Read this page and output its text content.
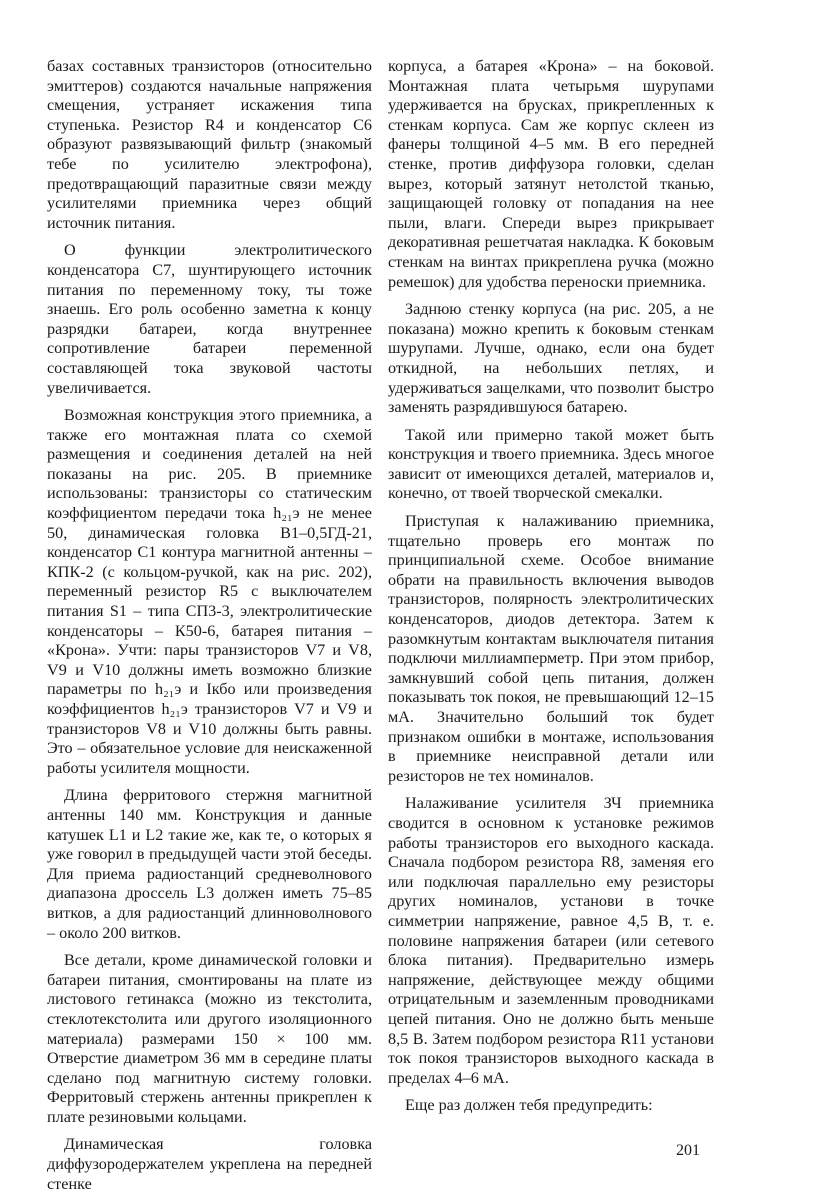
базах составных транзисторов (относительно эмиттеров) создаются начальные напряжения смещения, устраняет искажения типа ступенька. Резистор R4 и конденсатор C6 образуют развязывающий фильтр (знакомый тебе по усилителю электрофона), предотвращающий паразитные связи между усилителями приемника через общий источник питания.

О функции электролитического конденсатора C7, шунтирующего источник питания по переменному току, ты тоже знаешь. Его роль особенно заметна к концу разрядки батареи, когда внутреннее сопротивление батареи переменной составляющей тока звуковой частоты увеличивается.

Возможная конструкция этого приемника, а также его монтажная плата со схемой размещения и соединения деталей на ней показаны на рис. 205. В приемнике использованы: транзисторы со статическим коэффициентом передачи тока h₂₁э не менее 50, динамическая головка B1–0,5ГД-21, конденсатор C1 контура магнитной антенны – КПК-2 (с кольцом-ручкой, как на рис. 202), переменный резистор R5 с выключателем питания S1 – типа СП3-3, электролитические конденсаторы – К50-6, батарея питания – «Крона». Учти: пары транзисторов V7 и V8, V9 и V10 должны иметь возможно близкие параметры по h₂₁э и Iкбо или произведения коэффициентов h₂₁э транзисторов V7 и V9 и транзисторов V8 и V10 должны быть равны. Это – обязательное условие для неискаженной работы усилителя мощности.

Длина ферритового стержня магнитной антенны 140 мм. Конструкция и данные катушек L1 и L2 такие же, как те, о которых я уже говорил в предыдущей части этой беседы. Для приема радиостанций средневолнового диапазона дроссель L3 должен иметь 75–85 витков, а для радиостанций длинноволнового – около 200 витков.

Все детали, кроме динамической головки и батареи питания, смонтированы на плате из листового гетинакса (можно из текстолита, стеклотекстолита или другого изоляционного материала) размерами 150 × 100 мм. Отверстие диаметром 36 мм в середине платы сделано под магнитную систему головки. Ферритовый стержень антенны прикреплен к плате резиновыми кольцами.

Динамическая головка диффузородержателем укреплена на передней стенке

корпуса, а батарея «Крона» – на боковой. Монтажная плата четырьмя шурупами удерживается на брусках, прикрепленных к стенкам корпуса. Сам же корпус склеен из фанеры толщиной 4–5 мм. В его передней стенке, против диффузора головки, сделан вырез, который затянут нетолстой тканью, защищающей головку от попадания на нее пыли, влаги. Спереди вырез прикрывает декоративная решетчатая накладка. К боковым стенкам на винтах прикреплена ручка (можно ремешок) для удобства переноски приемника.

Заднюю стенку корпуса (на рис. 205, а не показана) можно крепить к боковым стенкам шурупами. Лучше, однако, если она будет откидной, на небольших петлях, и удерживаться защелками, что позволит быстро заменять разрядившуюся батарею.

Такой или примерно такой может быть конструкция и твоего приемника. Здесь многое зависит от имеющихся деталей, материалов и, конечно, от твоей творческой смекалки.

Приступая к налаживанию приемника, тщательно проверь его монтаж по принципиальной схеме. Особое внимание обрати на правильность включения выводов транзисторов, полярность электролитических конденсаторов, диодов детектора. Затем к разомкнутым контактам выключателя питания подключи миллиамперметр. При этом прибор, замкнувший собой цепь питания, должен показывать ток покоя, не превышающий 12–15 мА. Значительно больший ток будет признаком ошибки в монтаже, использования в приемнике неисправной детали или резисторов не тех номиналов.

Налаживание усилителя ЗЧ приемника сводится в основном к установке режимов работы транзисторов его выходного каскада. Сначала подбором резистора R8, заменяя его или подключая параллельно ему резисторы других номиналов, установи в точке симметрии напряжение, равное 4,5 В, т. е. половине напряжения батареи (или сетевого блока питания). Предварительно измерь напряжение, действующее между общими отрицательным и заземленным проводниками цепей питания. Оно не должно быть меньше 8,5 В. Затем подбором резистора R11 установи ток покоя транзисторов выходного каскада в пределах 4–6 мА.

Еще раз должен тебя предупредить:

201
